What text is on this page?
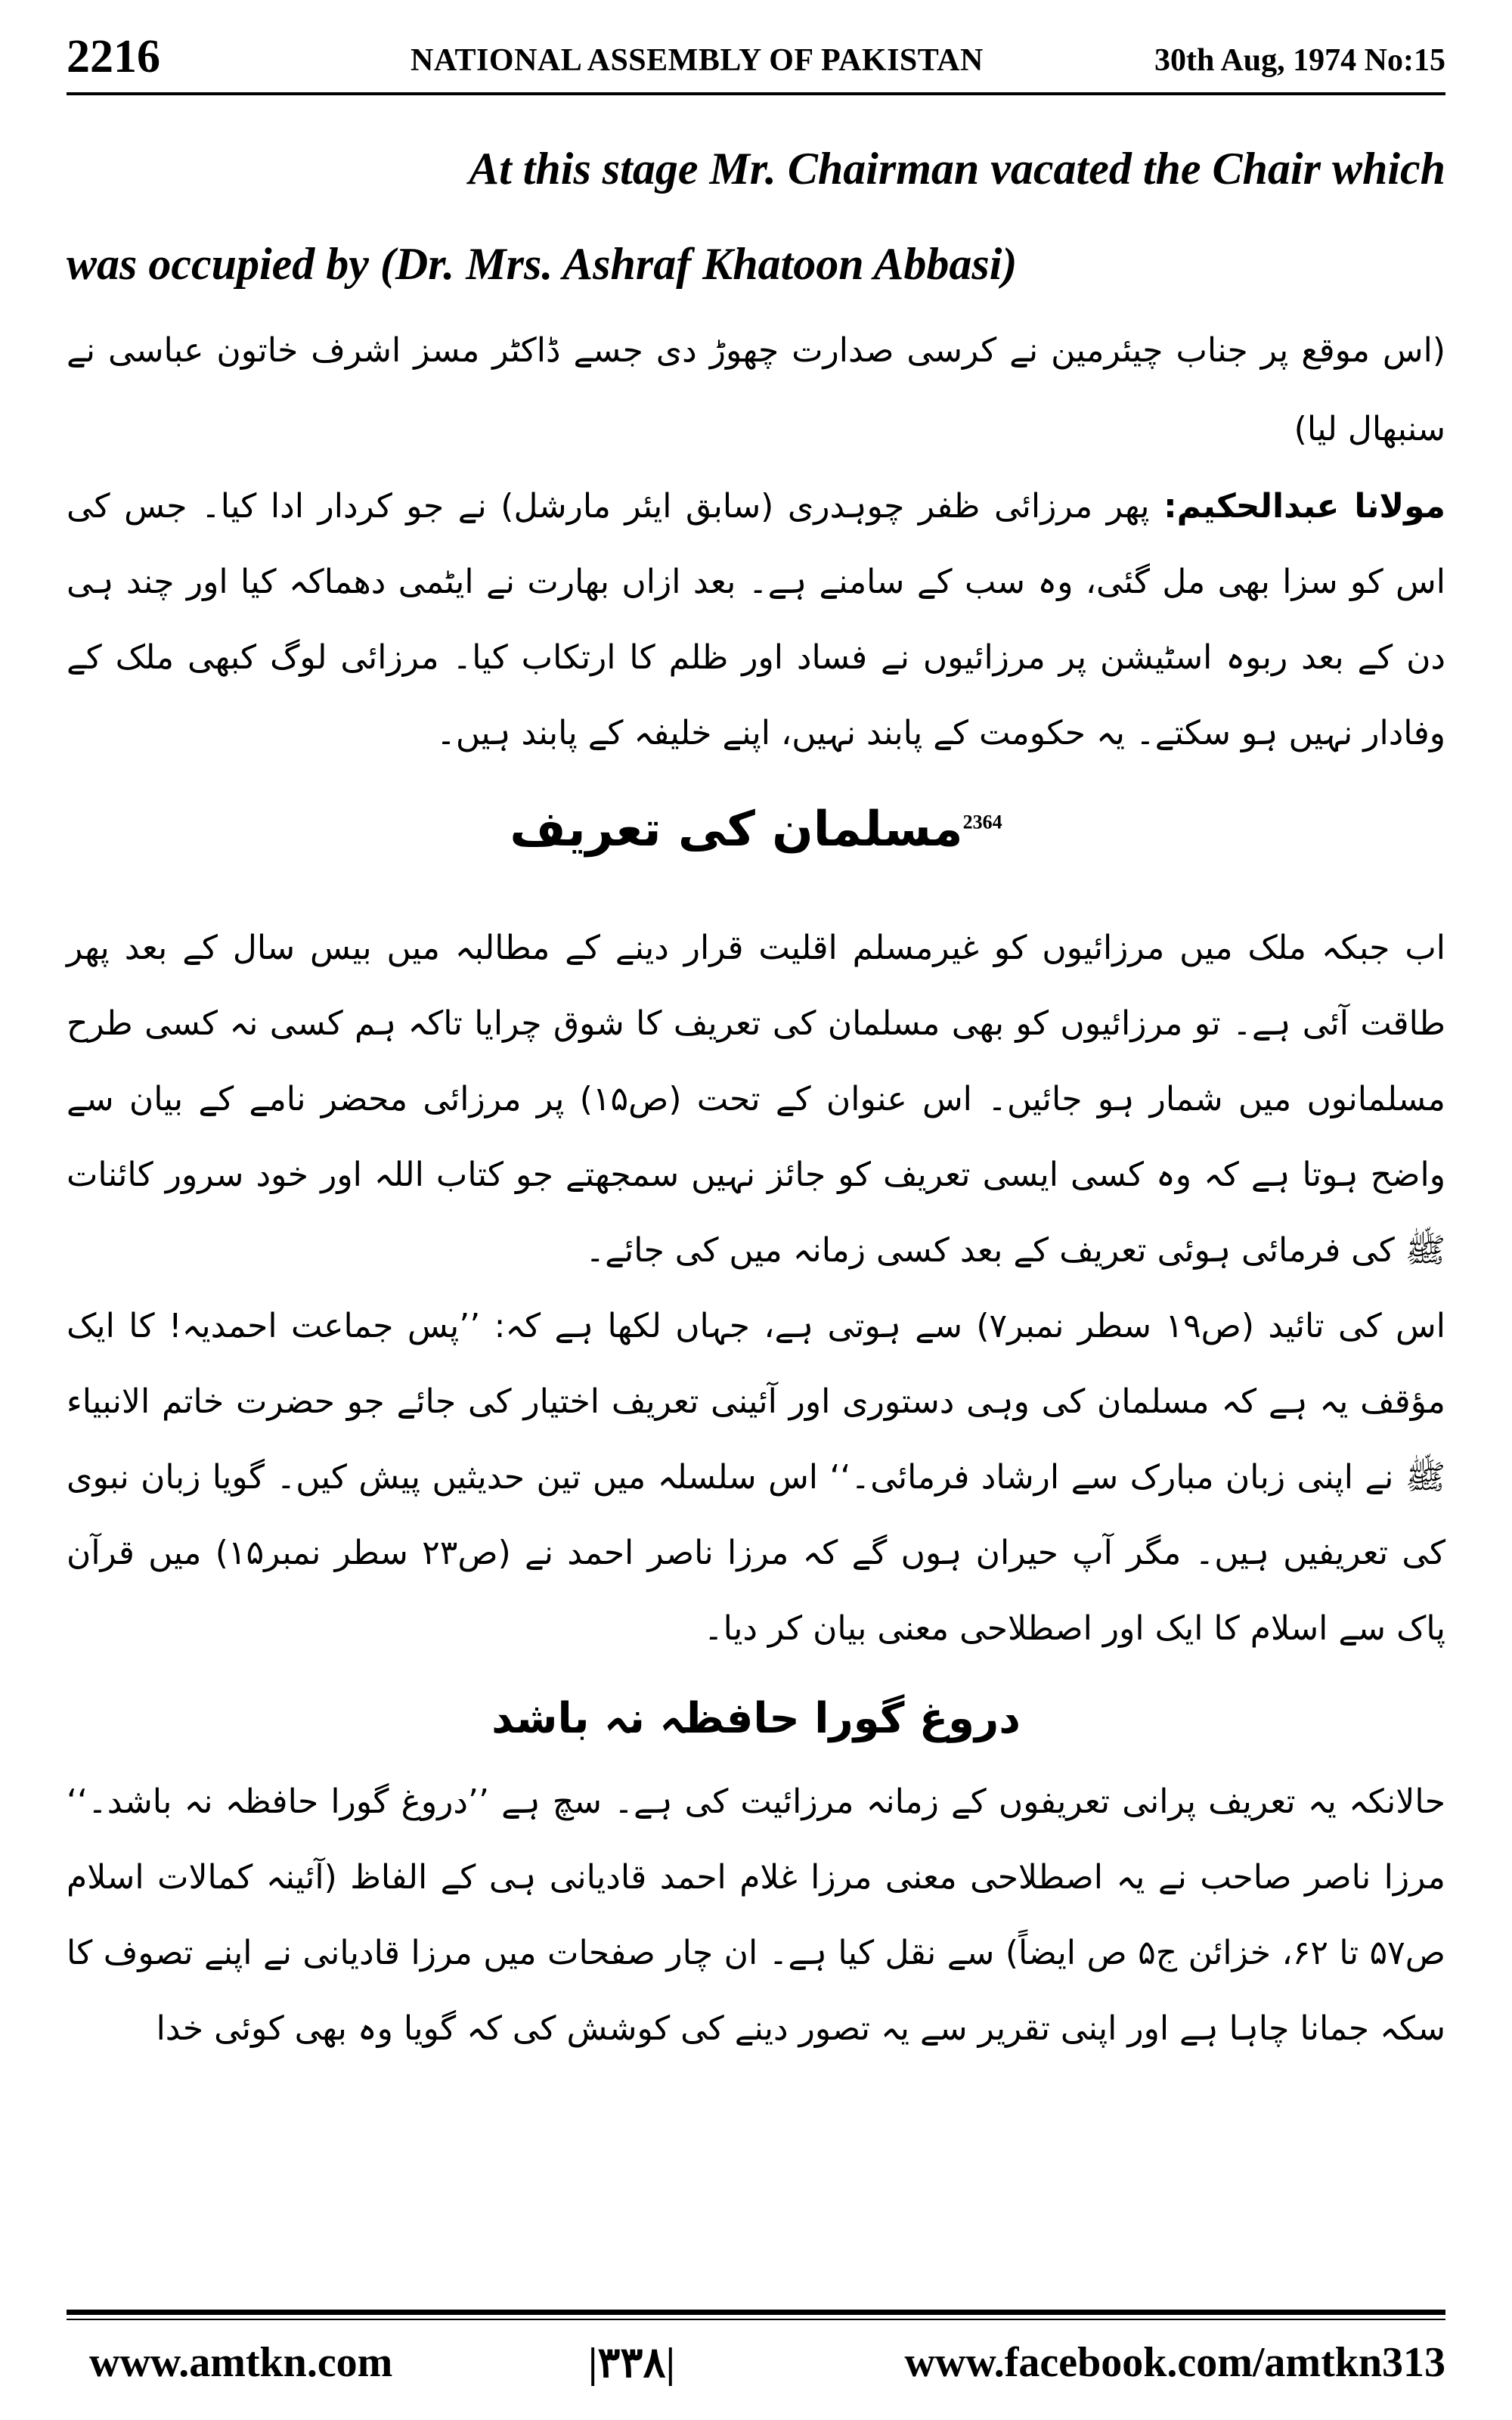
2216	NATIONAL ASSEMBLY OF PAKISTAN	30th Aug, 1974 No:15

At this stage Mr. Chairman vacated the Chair which
was occupied by (Dr. Mrs. Ashraf Khatoon Abbasi)

(اس موقع پر جناب چیئرمین نے کرسی صدارت چھوڑ دی جسے ڈاکٹر مسز اشرف خاتون عباسی نے سنبھال لیا)

مولانا عبدالحکیم: پھر مرزائی ظفر چوہدری (سابق ایئر مارشل) نے جو کردار ادا کیا۔ جس کی اس کو سزا بھی مل گئی، وہ سب کے سامنے ہے۔ بعد ازاں بھارت نے ایٹمی دھماکہ کیا اور چند ہی دن کے بعد ربوہ اسٹیشن پر مرزائیوں نے فساد اور ظلم کا ارتکاب کیا۔ مرزائی لوگ کبھی ملک کے وفادار نہیں ہو سکتے۔ یہ حکومت کے پابند نہیں، اپنے خلیفہ کے پابند ہیں۔

$^{2364}$مسلمان کی تعریف

اب جبکہ ملک میں مرزائیوں کو غیرمسلم اقلیت قرار دینے کے مطالبہ میں بیس سال کے بعد پھر طاقت آئی ہے۔ تو مرزائیوں کو بھی مسلمان کی تعریف کا شوق چرایا تاکہ ہم کسی نہ کسی طرح مسلمانوں میں شمار ہو جائیں۔ اس عنوان کے تحت (ص۱۵) پر مرزائی محضر نامے کے بیان سے واضح ہوتا ہے کہ وہ کسی ایسی تعریف کو جائز نہیں سمجھتے جو کتاب اللہ اور خود سرور کائنات ﷺ کی فرمائی ہوئی تعریف کے بعد کسی زمانہ میں کی جائے۔

اس کی تائید (ص۱۹ سطر نمبر۷) سے ہوتی ہے، جہاں لکھا ہے کہ: ’’پس جماعت احمدیہ! کا ایک مؤقف یہ ہے کہ مسلمان کی وہی دستوری اور آئینی تعریف اختیار کی جائے جو حضرت خاتم الانبیاء ﷺ نے اپنی زبان مبارک سے ارشاد فرمائی۔‘‘ اس سلسلہ میں تین حدیثیں پیش کیں۔ گویا زبان نبوی کی تعریفیں ہیں۔ مگر آپ حیران ہوں گے کہ مرزا ناصر احمد نے (ص۲۳ سطر نمبر۱۵) میں قرآن پاک سے اسلام کا ایک اور اصطلاحی معنی بیان کر دیا۔

دروغ گورا حافظہ نہ باشد

حالانکہ یہ تعریف پرانی تعریفوں کے زمانہ مرزائیت کی ہے۔ سچ ہے ’’دروغ گورا حافظہ نہ باشد۔‘‘ مرزا ناصر صاحب نے یہ اصطلاحی معنی مرزا غلام احمد قادیانی ہی کے الفاظ (آئینہ کمالات اسلام ص۵۷ تا ۶۲، خزائن ج۵ ص ایضاً) سے نقل کیا ہے۔ ان چار صفحات میں مرزا قادیانی نے اپنے تصوف کا سکہ جمانا چاہا ہے اور اپنی تقریر سے یہ تصور دینے کی کوشش کی کہ گویا وہ بھی کوئی خدا

www.amtkn.com	|۳۳۸|	www.facebook.com/amtkn313
